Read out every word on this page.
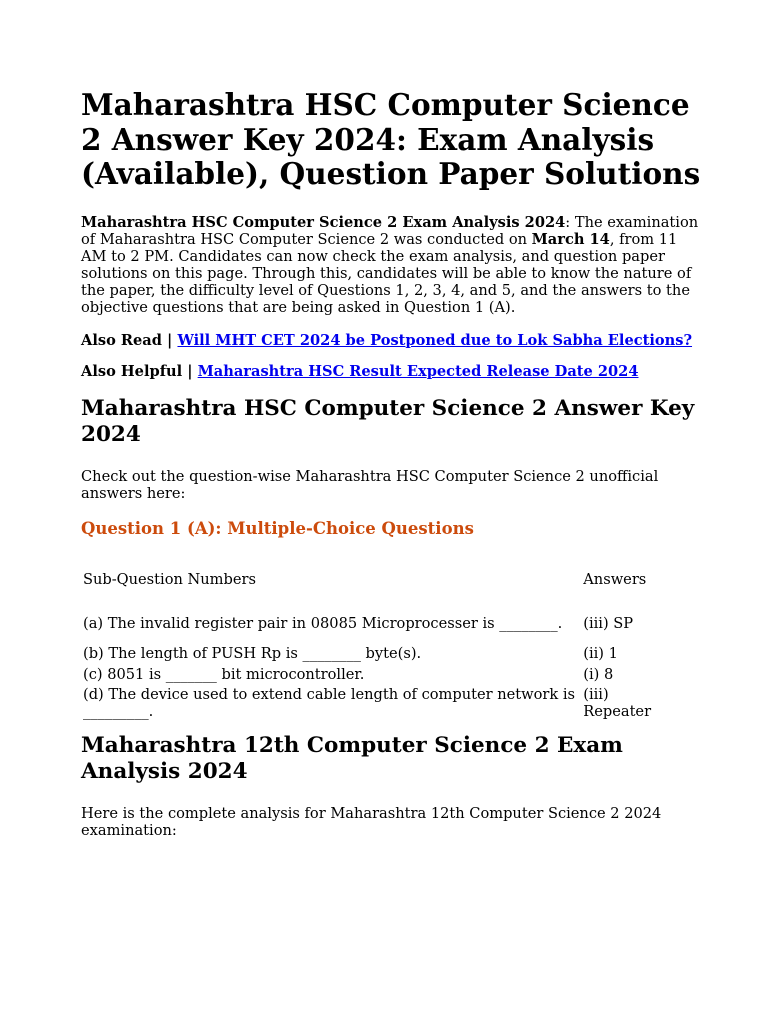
Maharashtra HSC Computer Science 2 Answer Key 2024: Exam Analysis (Available), Question Paper Solutions

Maharashtra HSC Computer Science 2 Exam Analysis 2024: The examination of Maharashtra HSC Computer Science 2 was conducted on March 14, from 11 AM to 2 PM. Candidates can now check the exam analysis, and question paper solutions on this page. Through this, candidates will be able to know the nature of the paper, the difficulty level of Questions 1, 2, 3, 4, and 5, and the answers to the objective questions that are being asked in Question 1 (A).

Also Read | Will MHT CET 2024 be Postponed due to Lok Sabha Elections?

Also Helpful | Maharashtra HSC Result Expected Release Date 2024

Maharashtra HSC Computer Science 2 Answer Key 2024

Check out the question-wise Maharashtra HSC Computer Science 2 unofficial answers here:

Question 1 (A): Multiple-Choice Questions
Sub-Question Numbers	Answers
(a) The invalid register pair in 08085 Microprocesser is ________.	(iii) SP
(b) The length of PUSH Rp is ________ byte(s).	(ii) 1
(c) 8051 is _______ bit microcontroller.	(i) 8
(d) The device used to extend cable length of computer network is _________.	(iii) Repeater
Maharashtra 12th Computer Science 2 Exam Analysis 2024

Here is the complete analysis for Maharashtra 12th Computer Science 2 2024 examination:
